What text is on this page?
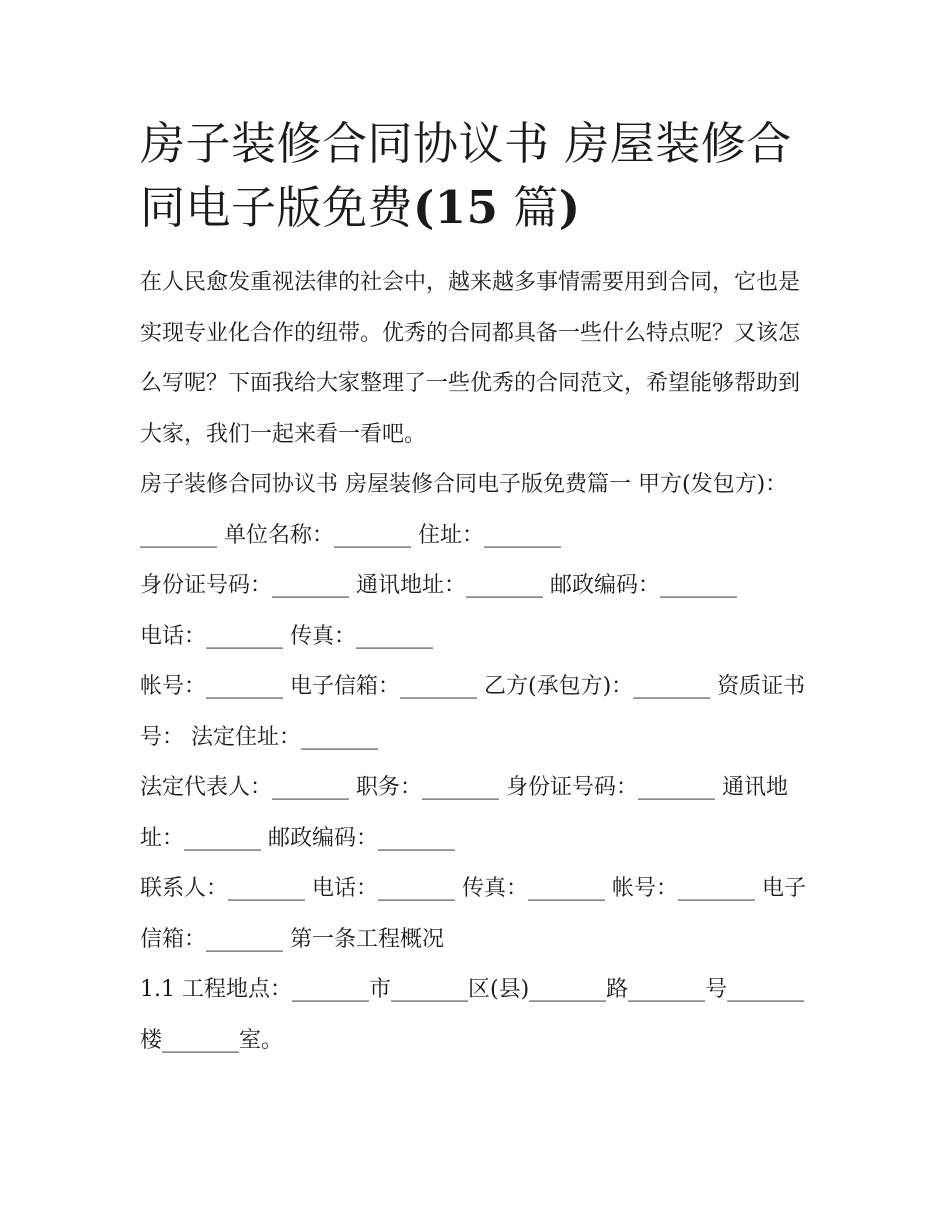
房子装修合同协议书 房屋装修合同电子版免费(15 篇)

在人民愈发重视法律的社会中，越来越多事情需要用到合同，它也是实现专业化合作的纽带。优秀的合同都具备一些什么特点呢？又该怎么写呢？下面我给大家整理了一些优秀的合同范文，希望能够帮助到大家，我们一起来看一看吧。

房子装修合同协议书 房屋装修合同电子版免费篇一 甲方(发包方)：_______ 单位名称：_______ 住址：_______

身份证号码：_______ 通讯地址：_______ 邮政编码：_______

电话：_______ 传真：_______

帐号：_______ 电子信箱：_______ 乙方(承包方)：_______ 资质证书号： 法定住址：_______

法定代表人：_______ 职务：_______ 身份证号码：_______ 通讯地址：_______ 邮政编码：_______

联系人：_______ 电话：_______ 传真：_______ 帐号：_______ 电子信箱：_______ 第一条工程概况

1.1 工程地点：_______市_______区(县)_______路_______号_______楼_______室。
